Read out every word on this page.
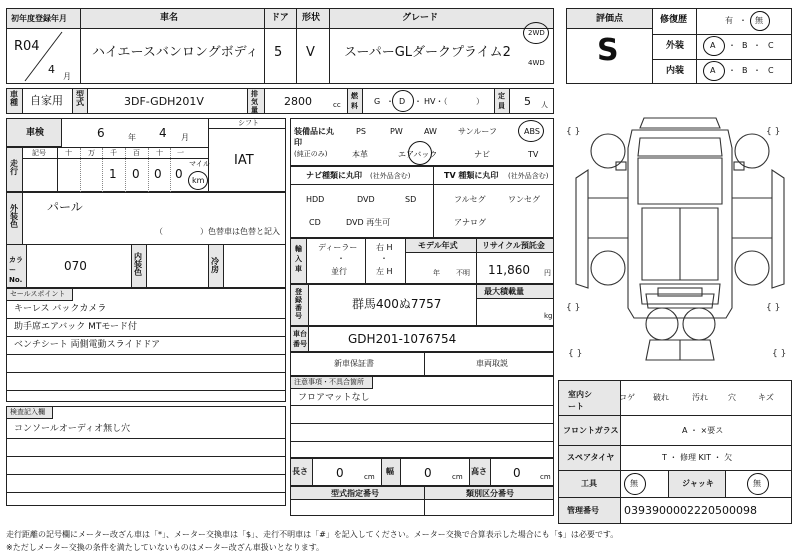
初年度登録年月	車名	ドア 形状	グレード
R04
4
月
ハイエースバンロングボディ 5 V スーパーGLダークプライム2
2WD
4WD
評価点
S
修復歴	有 ・ 無
外装	A ・ B ・ C
内装	A ・ B ・ C
車種 自家用 型式	3DF-GDH201V
排気量
2800	cc
燃料	G ・ D ・ HV・（	）
定員 5 人
車検	6	年 4 月
シフト
IAT
走行
記号	十 万 千 百 十 一
1 0 0 0
マイル
km
外装色
パール
（	）色替車は色替と記入
カラーNo.
070
内装色
冷房
装備品に丸印
(純正のみ)
PS	PW	AW	サンルーフ	ABS
本革	エアバック	ナビ	TV
ナビ種類に丸印 (社外品含む)
HDD	DVD	SD
CD	DVD 再生可
TV 種類に丸印 (社外品含む)
フルセグ	ワンセグ
アナログ
輸入車
ディーラー
・
並行
右 H
・
左 H
モデル年式
年 不明
リサイクル預託金
11,860 円
登録番号
群馬400ぬ7757
最大積載量
kg
車台番号	GDH201-1076754
新車保証書	車両取説
セールスポイント
キーレス バックカメラ
助手席エアバック MTモード付
ベンチシート 両側電動スライドドア
注意事項・不具合箇所
フロアマットなし
検査記入欄
コンソールオーディオ無し穴
長さ 0	cm
幅	0	cm
高さ 0	cm
型式指定番号	類別区分番号
{ }	{ }
{ }	{ }
{ }	{ }
室内シート
コゲ 破れ	汚れ	穴	キズ
フロントガラス	A ・ ×要ス
スペアタイヤ	T ・ 修理 KIT ・ 欠
工具	無	ジャッキ	無
管理番号 0393900002220500098
走行距離の記号欄にメーター改ざん車は「*」、メーター交換車は「$」、走行不明車は「#」を記入してください。メーター交換で合算表示した場合にも「$」は必要です。
※ただしメーター交換の条件を満たしていないものはメーター改ざん車扱いとなります。
